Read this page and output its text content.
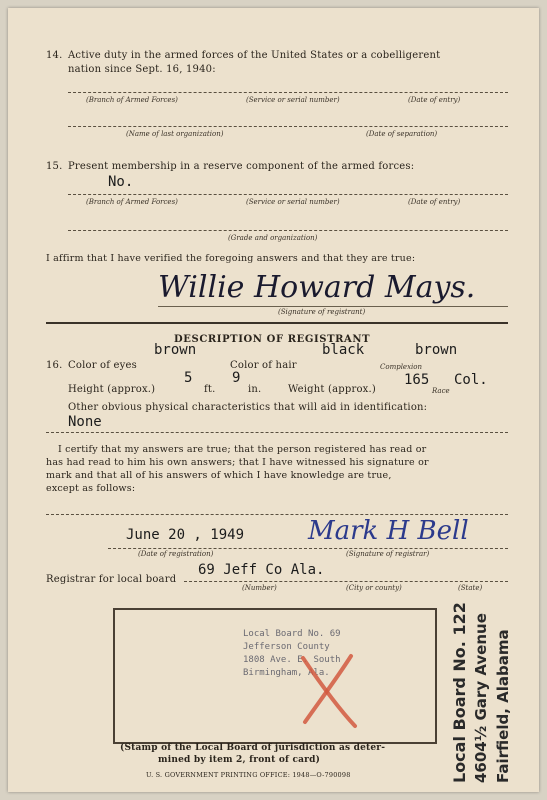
14. Active duty in the armed forces of the United States or a cobelligerent
nation since Sept. 16, 1940:
(Branch of Armed Forces)	(Service or serial number)	(Date of entry)
(Name of last organization)	(Date of separation)
15. Present membership in a reserve component of the armed forces:
No.
(Branch of Armed Forces)	(Service or serial number)	(Date of entry)
(Grade and organization)
I affirm that I have verified the foregoing answers and that they are true:
Willie Howard Mays.
(Signature of registrant)
DESCRIPTION OF REGISTRANT
brown	black	brown
16. Color of eyes	Color of hair	Complexion
5	9	165 Col.
Height (approx.)	ft.	in.	Weight (approx.)	Race
Other obvious physical characteristics that will aid in identification:
None
I certify that my answers are true; that the person registered has read or
has had read to him his own answers; that I have witnessed his signature or
mark and that all of his answers of which I have knowledge are true,
except as follows:
June 20 , 1949 Mark H Bell
(Date of registration)	(Signature of registrar)
Registrar for local board
69 Jeff Co Ala.
(Number)	(City or county)	(State)
Local Board No. 69
Jefferson County
1808 Ave. E. South
Birmingham, Ala.
(Stamp of the Local Board of jurisdiction as deter-
mined by item 2, front of card)
U. S. GOVERNMENT PRINTING OFFICE: 1948—O-790098	Local Board No. 122 4604½ Gary Avenue Fairfield, Alabama
